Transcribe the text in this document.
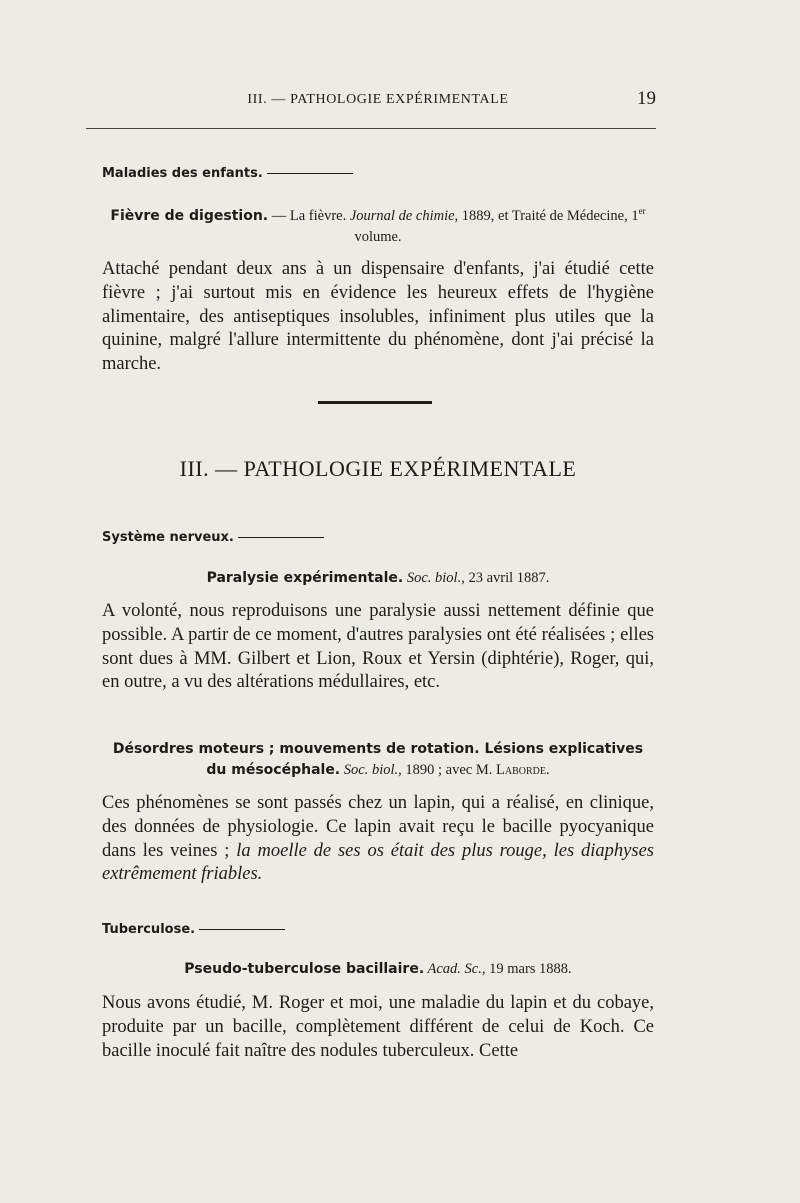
III. — PATHOLOGIE EXPÉRIMENTALE	19
Maladies des enfants.
Fièvre de digestion. — La fièvre. Journal de chimie, 1889, et Traité de Médecine, 1er volume.
Attaché pendant deux ans à un dispensaire d'enfants, j'ai étudié cette fièvre ; j'ai surtout mis en évidence les heureux effets de l'hygiène alimentaire, des antiseptiques insolubles, infiniment plus utiles que la quinine, malgré l'allure intermittente du phénomène, dont j'ai précisé la marche.
III. — PATHOLOGIE EXPÉRIMENTALE
Système nerveux.
Paralysie expérimentale. Soc. biol., 23 avril 1887.
A volonté, nous reproduisons une paralysie aussi nettement définie que possible. A partir de ce moment, d'autres paralysies ont été réalisées ; elles sont dues à MM. Gilbert et Lion, Roux et Yersin (diphtérie), Roger, qui, en outre, a vu des altérations médullaires, etc.
Désordres moteurs ; mouvements de rotation. Lésions explicatives du mésocéphale. Soc. biol., 1890 ; avec M. Laborde.
Ces phénomènes se sont passés chez un lapin, qui a réalisé, en clinique, des données de physiologie. Ce lapin avait reçu le bacille pyocyanique dans les veines ; la moelle de ses os était des plus rouge, les diaphyses extrêmement friables.
Tuberculose.
Pseudo-tuberculose bacillaire. Acad. Sc., 19 mars 1888.
Nous avons étudié, M. Roger et moi, une maladie du lapin et du cobaye, produite par un bacille, complètement différent de celui de Koch. Ce bacille inoculé fait naître des nodules tuberculeux. Cette
